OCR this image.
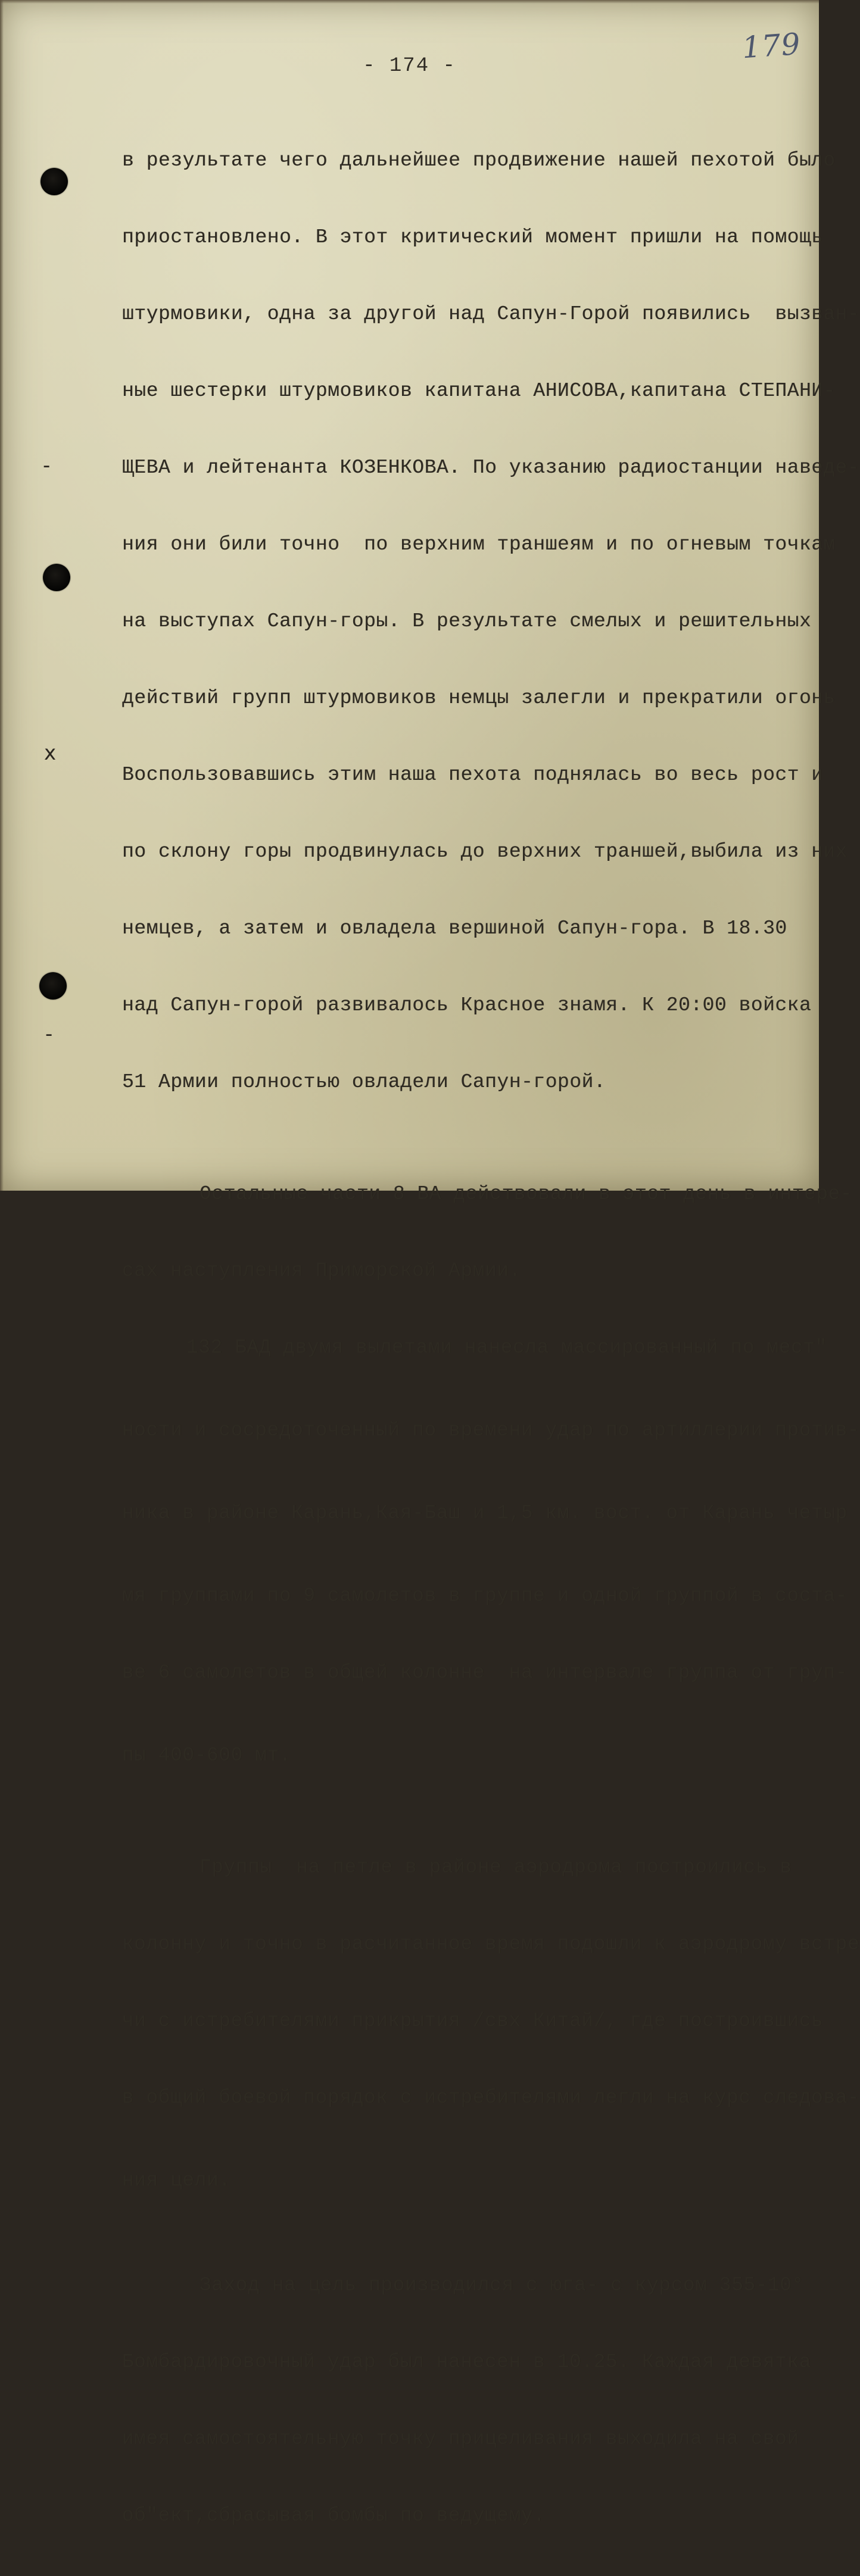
-
x
-
179
- 174 -

в результате чего дальнейшее продвижение нашей пехотой было

приостановлено. В этот критический момент пришли на помощь

штурмовики, одна за другой над Сапун-Горой появились  вызван-

ные шестерки штурмовиков капитана АНИСОВА,капитана СТЕПАНИ-

ЩЕВА и лейтенанта КОЗЕНКОВА. По указанию радиостанции наведе-

ния они били точно  по верхним траншеям и по огневым точкам

на выступах Сапун-горы. В результате смелых и решительных

действий групп штурмовиков немцы залегли и прекратили огонь

Воспользовавшись этим наша пехота поднялась во весь рост и

по склону горы продвинулась до верхних траншей,выбила из них

немцев, а затем и овладела вершиной Сапун-гора. В 18.30

над Сапун-горой развивалось Красное знамя. К 20:00 войска

51 Армии полностью овладели Сапун-горой.

Остальные части 8 ВА действовали в этот день в интере-

сах наступления Приморской Армии.

132 БАД двумя вылетами нанесла массированный по мест"

ности и сосредоточенный по времени удар по артиллерии против-

ника в районе Карань,Кая-Баш и 1,5 км. вост. от Карань четыр

мя группами по 9 самолетов в группе и одной группой в соста-

ве 6 самолетов в общей колонне  на интервале группа от груп-

пы 400-600 мт.

Группы  на петле в районе аэродрома построились в

колонну и точно в расчитанное время подошли к аэродрому встре

чи с истребителями прикрытия /свх Китай/, где построившись

в общий боевой порядок с истребителями легли на курс следова-

ния цели.

Заход на цель производился с юга- с курсом 355-10°

Бомбардировочный удар был нанесен в 10.25. Каждая девятка

имея самостоятельную точку прицеливания выходила на свой

об"ект,сбрасывая бомбы по ведущему.
